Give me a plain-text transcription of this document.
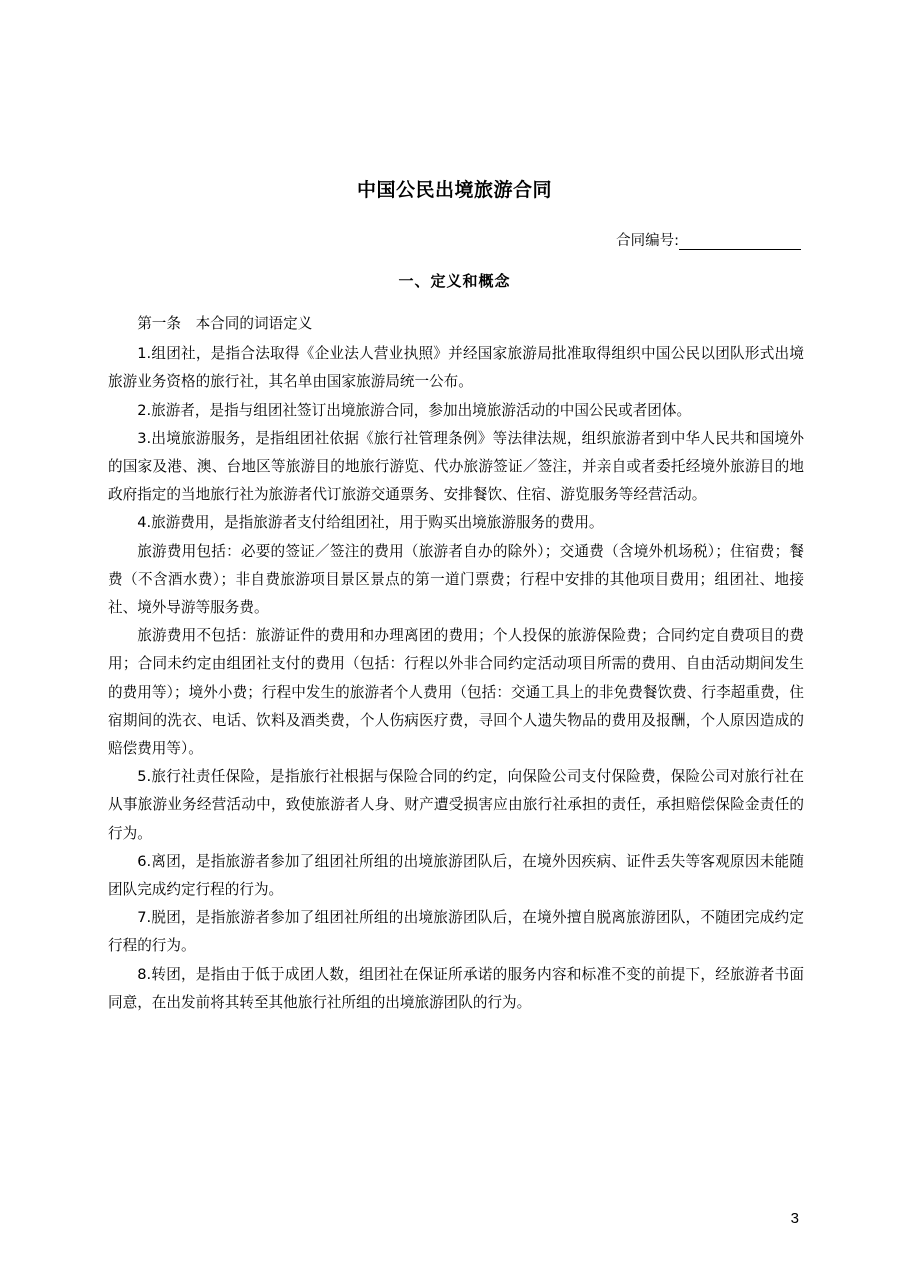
中国公民出境旅游合同
合同编号:
一、定义和概念

第一条　本合同的词语定义

1.组团社，是指合法取得《企业法人营业执照》并经国家旅游局批准取得组织中国公民以团队形式出境旅游业务资格的旅行社，其名单由国家旅游局统一公布。

2.旅游者，是指与组团社签订出境旅游合同，参加出境旅游活动的中国公民或者团体。

3.出境旅游服务，是指组团社依据《旅行社管理条例》等法律法规，组织旅游者到中华人民共和国境外的国家及港、澳、台地区等旅游目的地旅行游览、代办旅游签证／签注，并亲自或者委托经境外旅游目的地政府指定的当地旅行社为旅游者代订旅游交通票务、安排餐饮、住宿、游览服务等经营活动。

4.旅游费用，是指旅游者支付给组团社，用于购买出境旅游服务的费用。

旅游费用包括：必要的签证／签注的费用（旅游者自办的除外）；交通费（含境外机场税）；住宿费；餐费（不含酒水费）；非自费旅游项目景区景点的第一道门票费；行程中安排的其他项目费用；组团社、地接社、境外导游等服务费。

旅游费用不包括：旅游证件的费用和办理离团的费用；个人投保的旅游保险费；合同约定自费项目的费用；合同未约定由组团社支付的费用（包括：行程以外非合同约定活动项目所需的费用、自由活动期间发生的费用等）；境外小费；行程中发生的旅游者个人费用（包括：交通工具上的非免费餐饮费、行李超重费，住宿期间的洗衣、电话、饮料及酒类费，个人伤病医疗费，寻回个人遗失物品的费用及报酬，个人原因造成的赔偿费用等）。

5.旅行社责任保险，是指旅行社根据与保险合同的约定，向保险公司支付保险费，保险公司对旅行社在从事旅游业务经营活动中，致使旅游者人身、财产遭受损害应由旅行社承担的责任，承担赔偿保险金责任的行为。

6.离团，是指旅游者参加了组团社所组的出境旅游团队后，在境外因疾病、证件丢失等客观原因未能随团队完成约定行程的行为。

7.脱团，是指旅游者参加了组团社所组的出境旅游团队后，在境外擅自脱离旅游团队，不随团完成约定行程的行为。

8.转团，是指由于低于成团人数，组团社在保证所承诺的服务内容和标准不变的前提下，经旅游者书面同意，在出发前将其转至其他旅行社所组的出境旅游团队的行为。

3
